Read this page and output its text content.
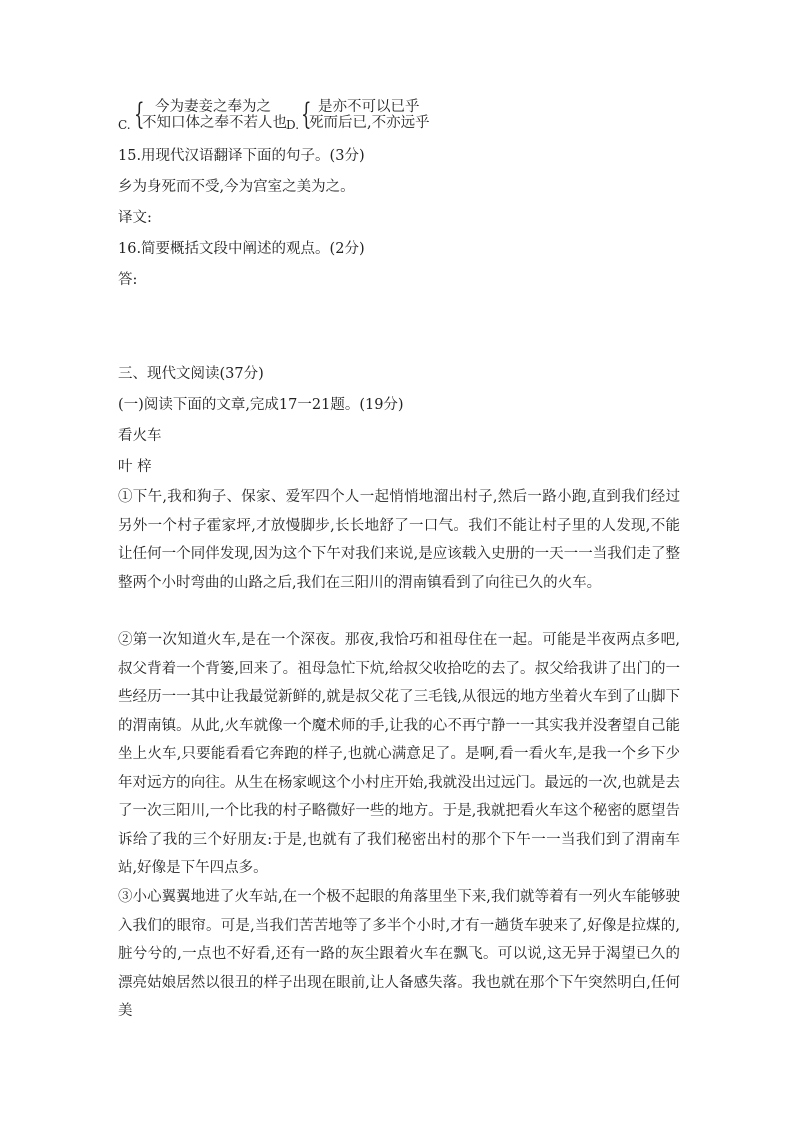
C. { 今为妻妾之奉为之
不知口体之奉不若人也 D. { 是亦不可以已乎
死而后已,不亦远乎
15.用现代汉语翻译下面的句子。(3分)
乡为身死而不受,今为宫室之美为之。
译文:
16.简要概括文段中阐述的观点。(2分)
答:
三、现代文阅读(37分)
(一)阅读下面的文章,完成17一21题。(19分)
看火车
叶 梓
①下午,我和狗子、保家、爱军四个人一起悄悄地溜出村子,然后一路小跑,直到我们经过另外一个村子霍家坪,才放慢脚步,长长地舒了一口气。我们不能让村子里的人发现,不能让任何一个同伴发现,因为这个下午对我们来说,是应该载入史册的一天一一当我们走了整整两个小时弯曲的山路之后,我们在三阳川的渭南镇看到了向往已久的火车。
②第一次知道火车,是在一个深夜。那夜,我恰巧和祖母住在一起。可能是半夜两点多吧,叔父背着一个背篓,回来了。祖母急忙下炕,给叔父收拾吃的去了。叔父给我讲了出门的一些经历一一其中让我最觉新鲜的,就是叔父花了三毛钱,从很远的地方坐着火车到了山脚下的渭南镇。从此,火车就像一个魔术师的手,让我的心不再宁静一一其实我并没奢望自己能坐上火车,只要能看看它奔跑的样子,也就心满意足了。是啊,看一看火车,是我一个乡下少年对远方的向往。从生在杨家岘这个小村庄开始,我就没出过远门。最远的一次,也就是去了一次三阳川,一个比我的村子略微好一些的地方。于是,我就把看火车这个秘密的愿望告诉给了我的三个好朋友:于是,也就有了我们秘密出村的那个下午一一当我们到了渭南车站,好像是下午四点多。
③小心翼翼地进了火车站,在一个极不起眼的角落里坐下来,我们就等着有一列火车能够驶入我们的眼帘。可是,当我们苦苦地等了多半个小时,才有一趟货车驶来了,好像是拉煤的,脏兮兮的,一点也不好看,还有一路的灰尘跟着火车在飘飞。可以说,这无异于渴望已久的漂亮姑娘居然以很丑的样子出现在眼前,让人备感失落。我也就在那个下午突然明白,任何美
